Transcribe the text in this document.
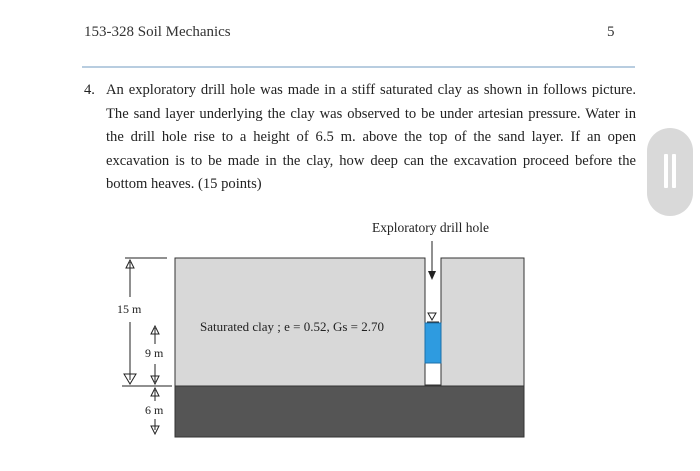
153-328 Soil Mechanics	5
4. An exploratory drill hole was made in a stiff saturated clay as shown in follows picture. The sand layer underlying the clay was observed to be under artesian pressure. Water in the drill hole rise to a height of 6.5 m. above the top of the sand layer. If an open excavation is to be made in the clay, how deep can the excavation proceed before the bottom heaves. (15 points)
Exploratory drill hole
Saturated clay ; e = 0.52, Gs = 2.70
15 m
9 m
6 m
